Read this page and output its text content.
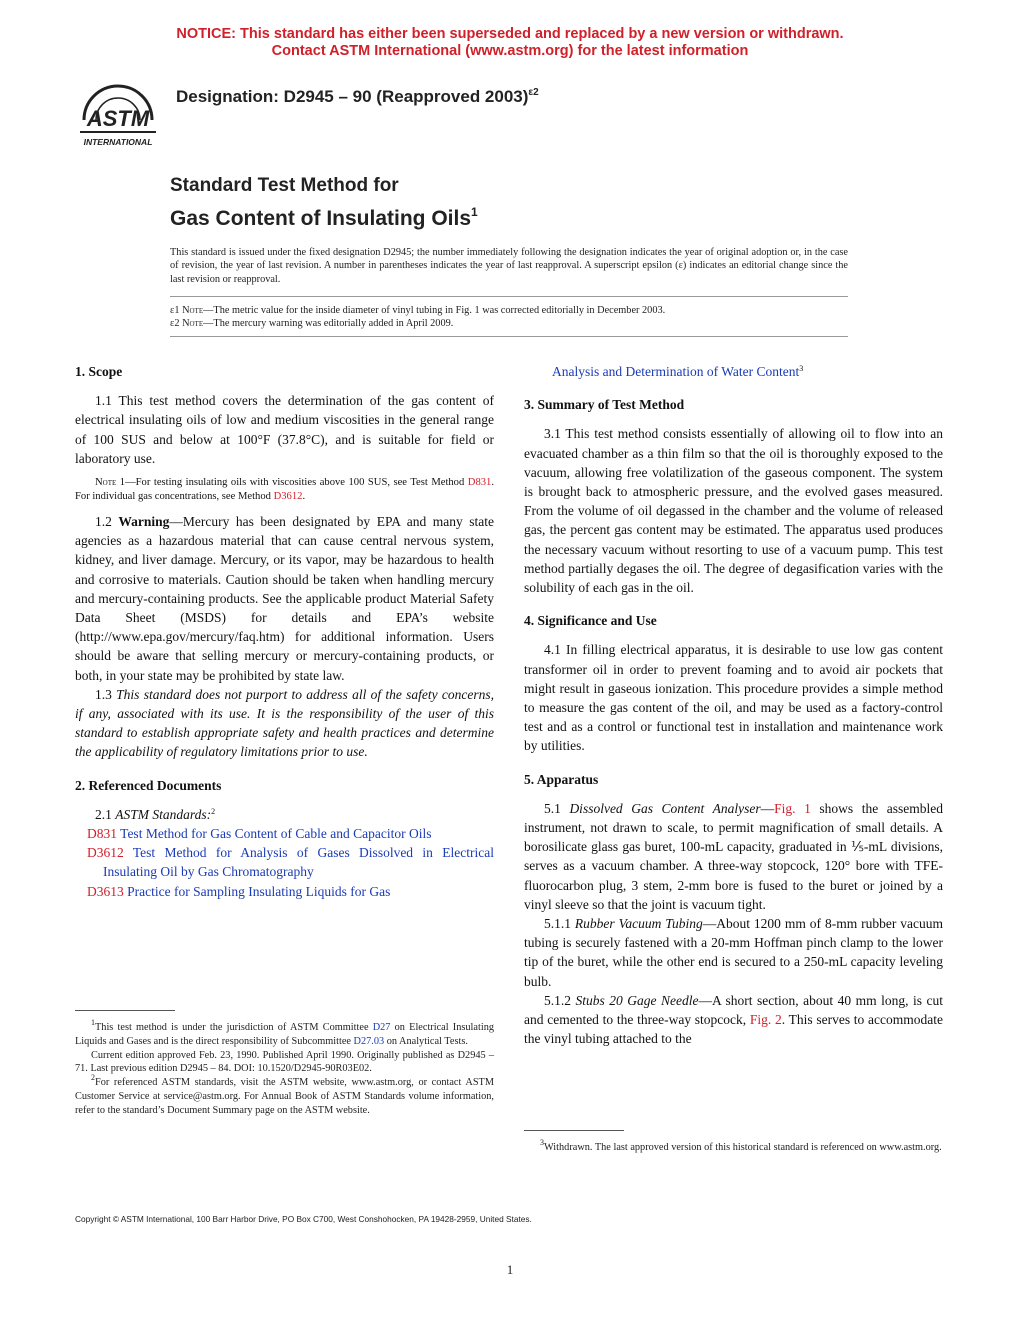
NOTICE: This standard has either been superseded and replaced by a new version or withdrawn.
Contact ASTM International (www.astm.org) for the latest information
ASTM
INTERNATIONAL
Designation: D2945 – 90 (Reapproved 2003)$^{\varepsilon 2}$
Standard Test Method for
Gas Content of Insulating Oils$^1$
This standard is issued under the fixed designation D2945; the number immediately following the designation indicates the year of original adoption or, in the case of revision, the year of last revision. A number in parentheses indicates the year of last reapproval. A superscript epsilon (ε) indicates an editorial change since the last revision or reapproval.
ε1 Note—The metric value for the inside diameter of vinyl tubing in Fig. 1 was corrected editorially in December 2003.
ε2 Note—The mercury warning was editorially added in April 2009.

1. Scope

1.1 This test method covers the determination of the gas content of electrical insulating oils of low and medium viscosities in the general range of 100 SUS and below at 100°F (37.8°C), and is suitable for field or laboratory use.

Note 1—For testing insulating oils with viscosities above 100 SUS, see Test Method D831. For individual gas concentrations, see Method D3612.

1.2 Warning—Mercury has been designated by EPA and many state agencies as a hazardous material that can cause central nervous system, kidney, and liver damage. Mercury, or its vapor, may be hazardous to health and corrosive to materials. Caution should be taken when handling mercury and mercury-containing products. See the applicable product Material Safety Data Sheet (MSDS) for details and EPA’s website (http://www.epa.gov/mercury/faq.htm) for additional information. Users should be aware that selling mercury or mercury-containing products, or both, in your state may be prohibited by state law.

1.3 This standard does not purport to address all of the safety concerns, if any, associated with its use. It is the responsibility of the user of this standard to establish appropriate safety and health practices and determine the applicability of regulatory limitations prior to use.

2. Referenced Documents

2.1 ASTM Standards:$^2$

D831 Test Method for Gas Content of Cable and Capacitor Oils

D3612 Test Method for Analysis of Gases Dissolved in Electrical Insulating Oil by Gas Chromatography

D3613 Practice for Sampling Insulating Liquids for Gas

Analysis and Determination of Water Content$^3$

3. Summary of Test Method

3.1 This test method consists essentially of allowing oil to flow into an evacuated chamber as a thin film so that the oil is thoroughly exposed to the vacuum, allowing free volatilization of the gaseous component. The system is brought back to atmospheric pressure, and the evolved gases measured. From the volume of oil degassed in the chamber and the volume of released gas, the percent gas content may be estimated. The apparatus used produces the necessary vacuum without resorting to use of a vacuum pump. This test method partially degases the oil. The degree of degasification varies with the solubility of each gas in the oil.

4. Significance and Use

4.1 In filling electrical apparatus, it is desirable to use low gas content transformer oil in order to prevent foaming and to avoid air pockets that might result in gaseous ionization. This procedure provides a simple method to measure the gas content of the oil, and may be used as a factory-control test and as a control or functional test in installation and maintenance work by utilities.

5. Apparatus

5.1 Dissolved Gas Content Analyser—Fig. 1 shows the assembled instrument, not drawn to scale, to permit magnification of small details. A borosilicate glass gas buret, 100-mL capacity, graduated in ⅕-mL divisions, serves as a vacuum chamber. A three-way stopcock, 120° bore with TFE-fluorocarbon plug, 3 stem, 2-mm bore is fused to the buret or joined by a vinyl sleeve so that the joint is vacuum tight.

5.1.1 Rubber Vacuum Tubing—About 1200 mm of 8-mm rubber vacuum tubing is securely fastened with a 20-mm Hoffman pinch clamp to the lower tip of the buret, while the other end is secured to a 250-mL capacity leveling bulb.

5.1.2 Stubs 20 Gage Needle—A short section, about 40 mm long, is cut and cemented to the three-way stopcock, Fig. 2. This serves to accommodate the vinyl tubing attached to the

$^1$This test method is under the jurisdiction of ASTM Committee D27 on Electrical Insulating Liquids and Gases and is the direct responsibility of Subcommittee D27.03 on Analytical Tests.

Current edition approved Feb. 23, 1990. Published April 1990. Originally published as D2945 – 71. Last previous edition D2945 – 84. DOI: 10.1520/D2945-90R03E02.

$^2$For referenced ASTM standards, visit the ASTM website, www.astm.org, or contact ASTM Customer Service at service@astm.org. For Annual Book of ASTM Standards volume information, refer to the standard’s Document Summary page on the ASTM website.

$^3$Withdrawn. The last approved version of this historical standard is referenced on www.astm.org.

Copyright © ASTM International, 100 Barr Harbor Drive, PO Box C700, West Conshohocken, PA 19428-2959, United States.
1
